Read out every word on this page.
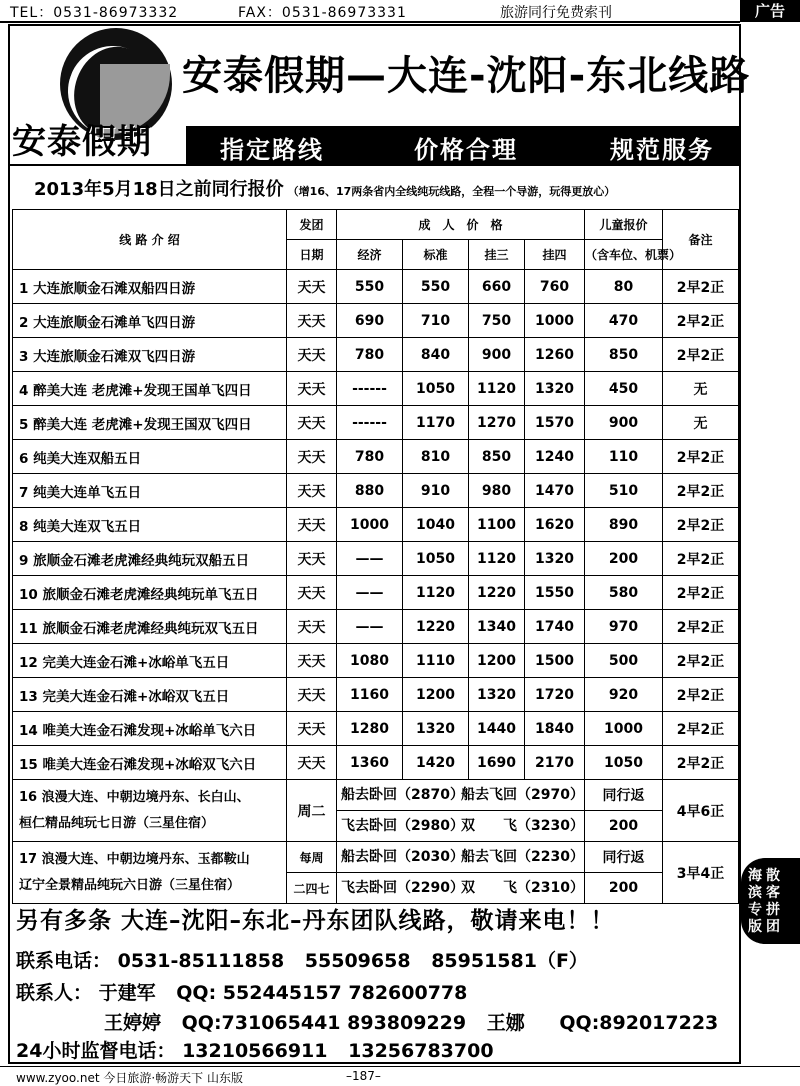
TEL：0531-86973332	FAX：0531-86973331	旅游同行免费索刊	广告
安泰假期
安泰假期—大连-沈阳-东北线路
指定路线	价格合理	规范服务
2013年5月18日之前同行报价 （增16、17两条省内全线纯玩线路，全程一个导游，玩得更放心）
线 路 介 绍	发团	成　人　价　格				儿童报价	备注
	日期	经济	标准	挂三	挂四	（含车位、机票）	
1 大连旅顺金石滩双船四日游	天天	550	550	660	760	80	2早2正
2 大连旅顺金石滩单飞四日游	天天	690	710	750	1000	470	2早2正
3 大连旅顺金石滩双飞四日游	天天	780	840	900	1260	850	2早2正
4 醉美大连 老虎滩+发现王国单飞四日	天天	------	1050	1120	1320	450	无
5 醉美大连 老虎滩+发现王国双飞四日	天天	------	1170	1270	1570	900	无
6 纯美大连双船五日	天天	780	810	850	1240	110	2早2正
7 纯美大连单飞五日	天天	880	910	980	1470	510	2早2正
8 纯美大连双飞五日	天天	1000	1040	1100	1620	890	2早2正
9 旅顺金石滩老虎滩经典纯玩双船五日	天天	——	1050	1120	1320	200	2早2正
10 旅顺金石滩老虎滩经典纯玩单飞五日	天天	——	1120	1220	1550	580	2早2正
11 旅顺金石滩老虎滩经典纯玩双飞五日	天天	——	1220	1340	1740	970	2早2正
12 完美大连金石滩+冰峪单飞五日	天天	1080	1110	1200	1500	500	2早2正
13 完美大连金石滩+冰峪双飞五日	天天	1160	1200	1320	1720	920	2早2正
14 唯美大连金石滩发现+冰峪单飞六日	天天	1280	1320	1440	1840	1000	2早2正
15 唯美大连金石滩发现+冰峪双飞六日	天天	1360	1420	1690	2170	1050	2早2正

16 浪漫大连、中朝边境丹东、长白山、
桓仁精品纯玩七日游（三星住宿）	周二	船去卧回（2870）船去飞回（2970）				同行返	4早6正
		飞去卧回（2980）双　　飞（3230）				200	

17 浪漫大连、中朝边境丹东、玉都鞍山
辽宁全景精品纯玩六日游（三星住宿）	每周	船去卧回（2030）船去飞回（2230）				同行返	3早4正
	二四七	飞去卧回（2290）双　　飞（2310）				200	
另有多条 大连–沈阳–东北–丹东团队线路，敬请来电！！
联系电话： 0531-85111858 55509658 85951581（F）
联系人： 于建军 QQ: 552445157 782600778
王婷婷 QQ:731065441 893809229 王娜 QQ:892017223
24小时监督电话： 13210566911 13256783700
海滨专版
散客拼团
www.zyoo.net 今日旅游·畅游天下 山东版	–187–
